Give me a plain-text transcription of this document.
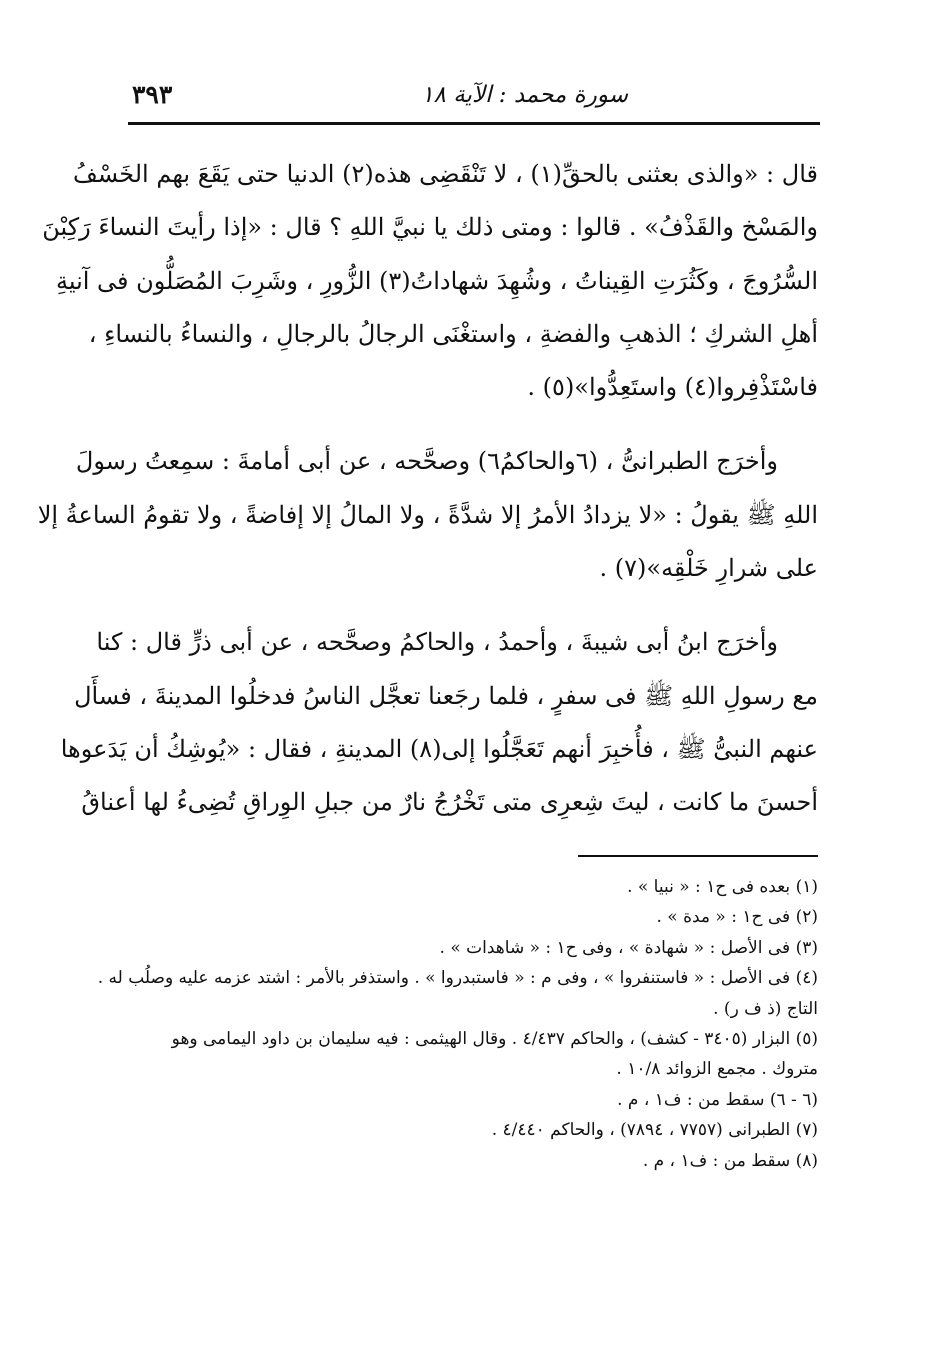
سورة محمد : الآية ١٨
٣٩٣

قال : «والذى بعثنى بالحقِّ(١) ، لا تَنْقَضِى هذه(٢) الدنيا حتى يَقَعَ بهم الخَسْفُ
والمَسْخ والقَذْفُ» . قالوا : ومتى ذلك يا نبيَّ اللهِ ؟ قال : «إذا رأيتَ النساءَ رَكِبْنَ
السُّرُوجَ ، وكَثُرَتِ القِيناتُ ، وشُهِدَ شهاداتُ(٣) الزُّورِ ، وشَرِبَ المُصَلُّون فى آنيةِ
أهلِ الشركِ ؛ الذهبِ والفضةِ ، واستغْنَى الرجالُ بالرجالِ ، والنساءُ بالنساءِ ،
فاسْتَذْفِروا(٤) واستَعِدُّوا»(٥) .

وأخرَج الطبرانىُّ ، (٦والحاكمُ٦) وصحَّحه ، عن أبى أمامةَ : سمِعتُ رسولَ
اللهِ ﷺ يقولُ : «لا يزدادُ الأمرُ إلا شدَّةً ، ولا المالُ إلا إفاضةً ، ولا تقومُ الساعةُ إلا
على شرارِ خَلْقِه»(٧) .

وأخرَج ابنُ أبى شيبةَ ، وأحمدُ ، والحاكمُ وصحَّحه ، عن أبى ذرٍّ قال : كنا
مع رسولِ اللهِ ﷺ فى سفرٍ ، فلما رجَعنا تعجَّل الناسُ فدخلُوا المدينةَ ، فسأَل
عنهم النبىُّ ﷺ ، فأُخبِرَ أنهم تَعَجَّلُوا إلى(٨) المدينةِ ، فقال : «يُوشِكُ أن يَدَعوها
أحسنَ ما كانت ، ليتَ شِعرِى متى تَخْرُجُ نارٌ من جبلِ الوِراقِ تُضِىءُ لها أعناقُ

(١) بعده فى ح١ : « نبيا » .
(٢) فى ح١ : « مدة » .
(٣) فى الأصل : « شهادة » ، وفى ح١ : « شاهدات » .
(٤) فى الأصل : « فاستنفروا » ، وفى م : « فاستبدروا » . واستذفر بالأمر : اشتد عزمه عليه وصلُب له .
التاج (ذ ف ر) .
(٥) البزار (٣٤٠٥ - كشف) ، والحاكم ٤/٤٣٧ . وقال الهيثمى : فيه سليمان بن داود اليمامى وهو
متروك . مجمع الزوائد ١٠/٨ .
(٦ - ٦) سقط من : ف١ ، م .
(٧) الطبرانى (٧٧٥٧ ، ٧٨٩٤) ، والحاكم ٤/٤٤٠ .
(٨) سقط من : ف١ ، م .
